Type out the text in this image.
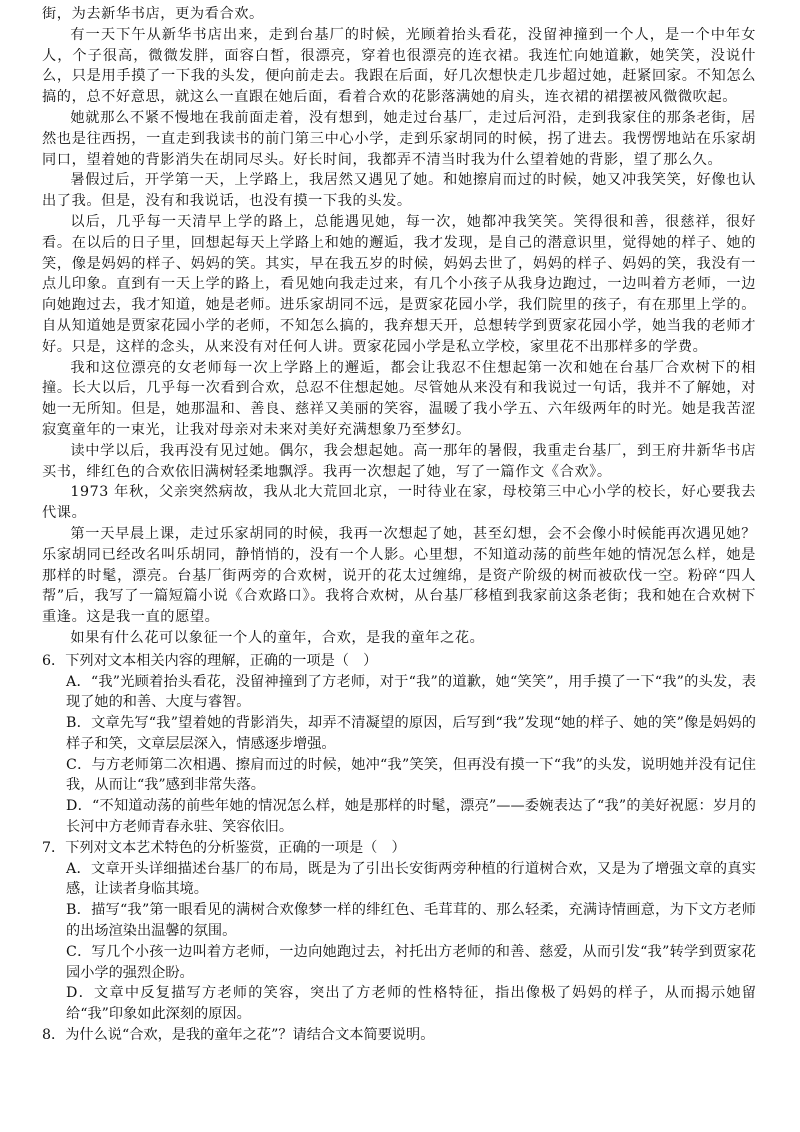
街，为去新华书店，更为看合欢。

有一天下午从新华书店出来，走到台基厂的时候，光顾着抬头看花，没留神撞到一个人，是一个中年女人，个子很高，微微发胖，面容白皙，很漂亮，穿着也很漂亮的连衣裙。我连忙向她道歉，她笑笑，没说什么，只是用手摸了一下我的头发，便向前走去。我跟在后面，好几次想快走几步超过她，赶紧回家。不知怎么搞的，总不好意思，就这么一直跟在她后面，看着合欢的花影落满她的肩头，连衣裙的裙摆被风微微吹起。

她就那么不紧不慢地在我前面走着，没有想到，她走过台基厂，走过后河沿，走到我家住的那条老街，居然也是往西拐，一直走到我读书的前门第三中心小学，走到乐家胡同的时候，拐了进去。我愣愣地站在乐家胡同口，望着她的背影消失在胡同尽头。好长时间，我都弄不清当时我为什么望着她的背影，望了那么久。

暑假过后，开学第一天，上学路上，我居然又遇见了她。和她擦肩而过的时候，她又冲我笑笑，好像也认出了我。但是，没有和我说话，也没有摸一下我的头发。

以后，几乎每一天清早上学的路上，总能遇见她，每一次，她都冲我笑笑。笑得很和善，很慈祥，很好看。在以后的日子里，回想起每天上学路上和她的邂逅，我才发现，是自己的潜意识里，觉得她的样子、她的笑，像是妈妈的样子、妈妈的笑。其实，早在我五岁的时候，妈妈去世了，妈妈的样子、妈妈的笑，我没有一点儿印象。直到有一天上学的路上，看见她向我走过来，有几个小孩子从我身边跑过，一边叫着方老师，一边向她跑过去，我才知道，她是老师。进乐家胡同不远，是贾家花园小学，我们院里的孩子，有在那里上学的。自从知道她是贾家花园小学的老师，不知怎么搞的，我弃想天开，总想转学到贾家花园小学，她当我的老师才好。只是，这样的念头，从来没有对任何人讲。贾家花园小学是私立学校，家里花不出那样多的学费。

我和这位漂亮的女老师每一次上学路上的邂逅，都会让我忍不住想起第一次和她在台基厂合欢树下的相撞。长大以后，几乎每一次看到合欢，总忍不住想起她。尽管她从来没有和我说过一句话，我并不了解她，对她一无所知。但是，她那温和、善良、慈祥又美丽的笑容，温暖了我小学五、六年级两年的时光。她是我苦涩寂寞童年的一束光，让我对母亲对未来对美好充满想象乃至梦幻。

读中学以后，我再没有见过她。偶尔，我会想起她。高一那年的暑假，我重走台基厂，到王府井新华书店买书，绯红色的合欢依旧满树轻柔地飘浮。我再一次想起了她，写了一篇作文《合欢》。

1973 年秋，父亲突然病故，我从北大荒回北京，一时待业在家，母校第三中心小学的校长，好心要我去代课。

第一天早晨上课，走过乐家胡同的时候，我再一次想起了她，甚至幻想，会不会像小时候能再次遇见她？乐家胡同已经改名叫乐胡同，静悄悄的，没有一个人影。心里想，不知道动荡的前些年她的情况怎么样，她是那样的时髦，漂亮。台基厂街两旁的合欢树，说开的花太过缠绵，是资产阶级的树而被砍伐一空。粉碎“四人帮”后，我写了一篇短篇小说《合欢路口》。我将合欢树，从台基厂移植到我家前这条老街；我和她在合欢树下重逢。这是我一直的愿望。

如果有什么花可以象征一个人的童年，合欢，是我的童年之花。

6．下列对文本相关内容的理解，正确的一项是（　）

A．“我”光顾着抬头看花，没留神撞到了方老师，对于“我”的道歉，她“笑笑”，用手摸了一下“我”的头发，表现了她的和善、大度与睿智。

B．文章先写“我”望着她的背影消失，却弄不清凝望的原因，后写到“我”发现“她的样子、她的笑”像是妈妈的样子和笑，文章层层深入，情感逐步增强。

C．与方老师第二次相遇、擦肩而过的时候，她冲“我”笑笑，但再没有摸一下“我”的头发，说明她并没有记住我，从而让“我”感到非常失落。

D．“不知道动荡的前些年她的情况怎么样，她是那样的时髦，漂亮”——委婉表达了“我”的美好祝愿：岁月的长河中方老师青春永驻、笑容依旧。

7．下列对文本艺术特色的分析鉴赏，正确的一项是（　）

A．文章开头详细描述台基厂的布局，既是为了引出长安街两旁种植的行道树合欢，又是为了增强文章的真实感，让读者身临其境。

B．描写“我”第一眼看见的满树合欢像梦一样的绯红色、毛茸茸的、那么轻柔，充满诗情画意，为下文方老师的出场渲染出温馨的氛围。

C．写几个小孩一边叫着方老师，一边向她跑过去，衬托出方老师的和善、慈爱，从而引发“我”转学到贾家花园小学的强烈企盼。

D．文章中反复描写方老师的笑容，突出了方老师的性格特征，指出像极了妈妈的样子，从而揭示她留给“我”印象如此深刻的原因。

8．为什么说“合欢，是我的童年之花”？请结合文本简要说明。
